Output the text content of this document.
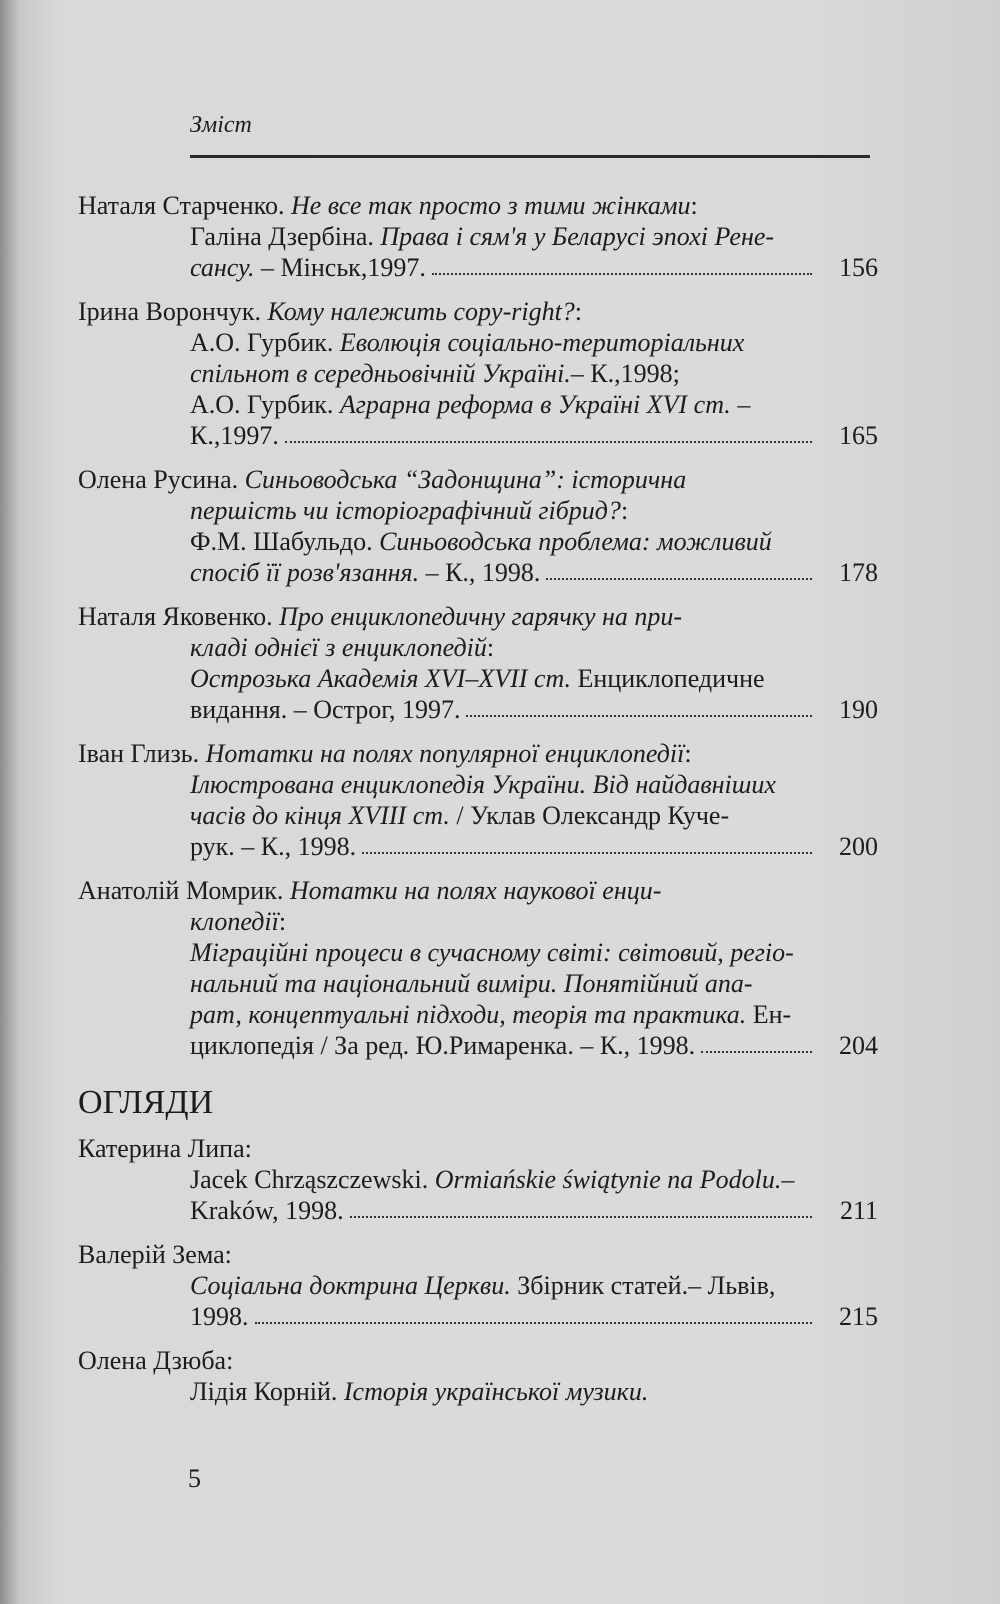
Зміст
Наталя Старченко. Не все так просто з тими жінками:
Галіна Дзербіна. Права і сям'я у Беларусі эпохі Рене-
сансу. – Мінськ,1997.	156
Ірина Ворончук. Кому належить copy-right?:
А.О. Гурбик. Еволюція соціально-територіальних
спільнот в середньовічній Україні.– К.,1998;
А.О. Гурбик. Аграрна реформа в Україні XVI ст. –
К.,1997.	165
Олена Русина. Синьоводська “Задонщина”: історична
першість чи історіографічний гібрид?:
Ф.М. Шабульдо. Синьоводська проблема: можливий
спосіб її розв'язання. – К., 1998.	178
Наталя Яковенко. Про енциклопедичну гарячку на при-
кладі однієї з енциклопедій:
Острозька Академія XVI–XVII ст. Енциклопедичне
видання. – Острог, 1997.	190
Іван Глизь. Нотатки на полях популярної енциклопедії:
Ілюстрована енциклопедія України. Від найдавніших
часів до кінця XVIII ст. / Уклав Олександр Куче-
рук. – К., 1998.	200
Анатолій Момрик. Нотатки на полях наукової енци-
клопедії:
Міграційні процеси в сучасному світі: світовий, регіо-
нальний та національний виміри. Понятійний апа-
рат, концептуальні підходи, теорія та практика. Ен-
циклопедія / За ред. Ю.Римаренка. – К., 1998.	204
ОГЛЯДИ
Катерина Липа:
Jacek Chrząszczewski. Ormiańskie świątynie na Podolu.–
Kraków, 1998.	211
Валерій Зема:
Соціальна доктрина Церкви. Збірник статей.– Львів,
1998.	215
Олена Дзюба:
Лідія Корній. Історія української музики.
5
